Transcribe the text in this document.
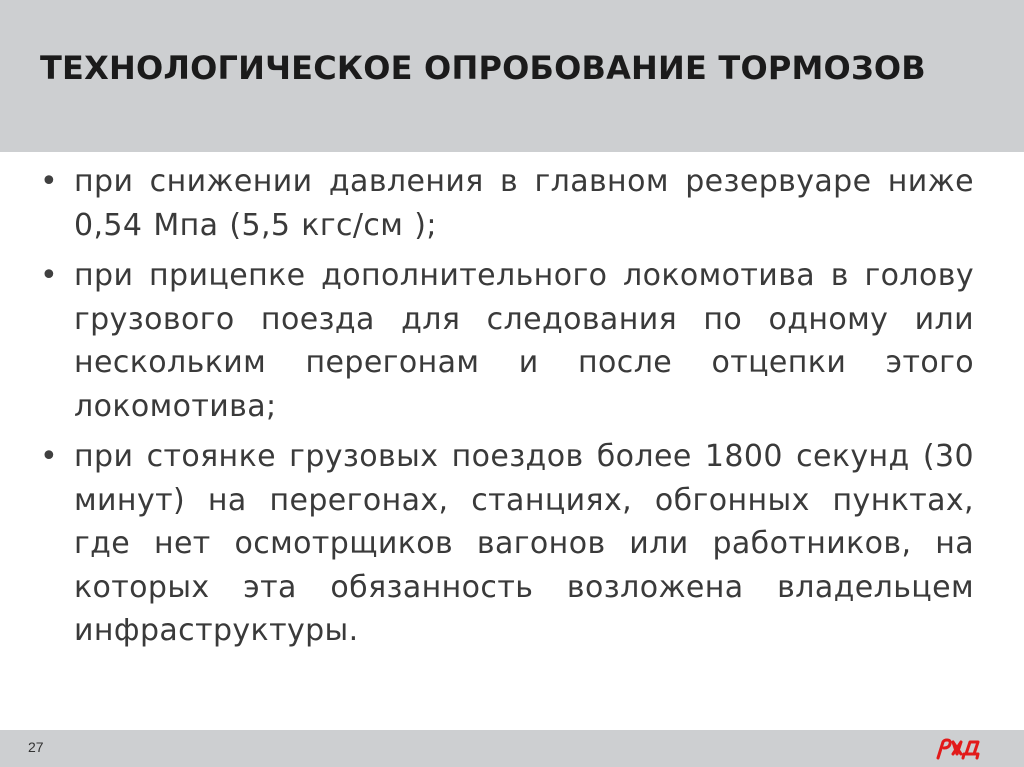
ТЕХНОЛОГИЧЕСКОЕ ОПРОБОВАНИЕ ТОРМОЗОВ
• при снижении давления в главном резервуаре ниже 0,54 Мпа (5,5 кгс/см );
• при прицепке дополнительного локомотива в голову грузового поезда для следования по одному или нескольким перегонам и после отцепки этого локомотива;
• при стоянке грузовых поездов более 1800 секунд (30 минут) на перегонах, станциях, обгонных пунктах, где нет осмотрщиков вагонов или работников, на которых эта обязанность возложена владельцем инфраструктуры.
27
